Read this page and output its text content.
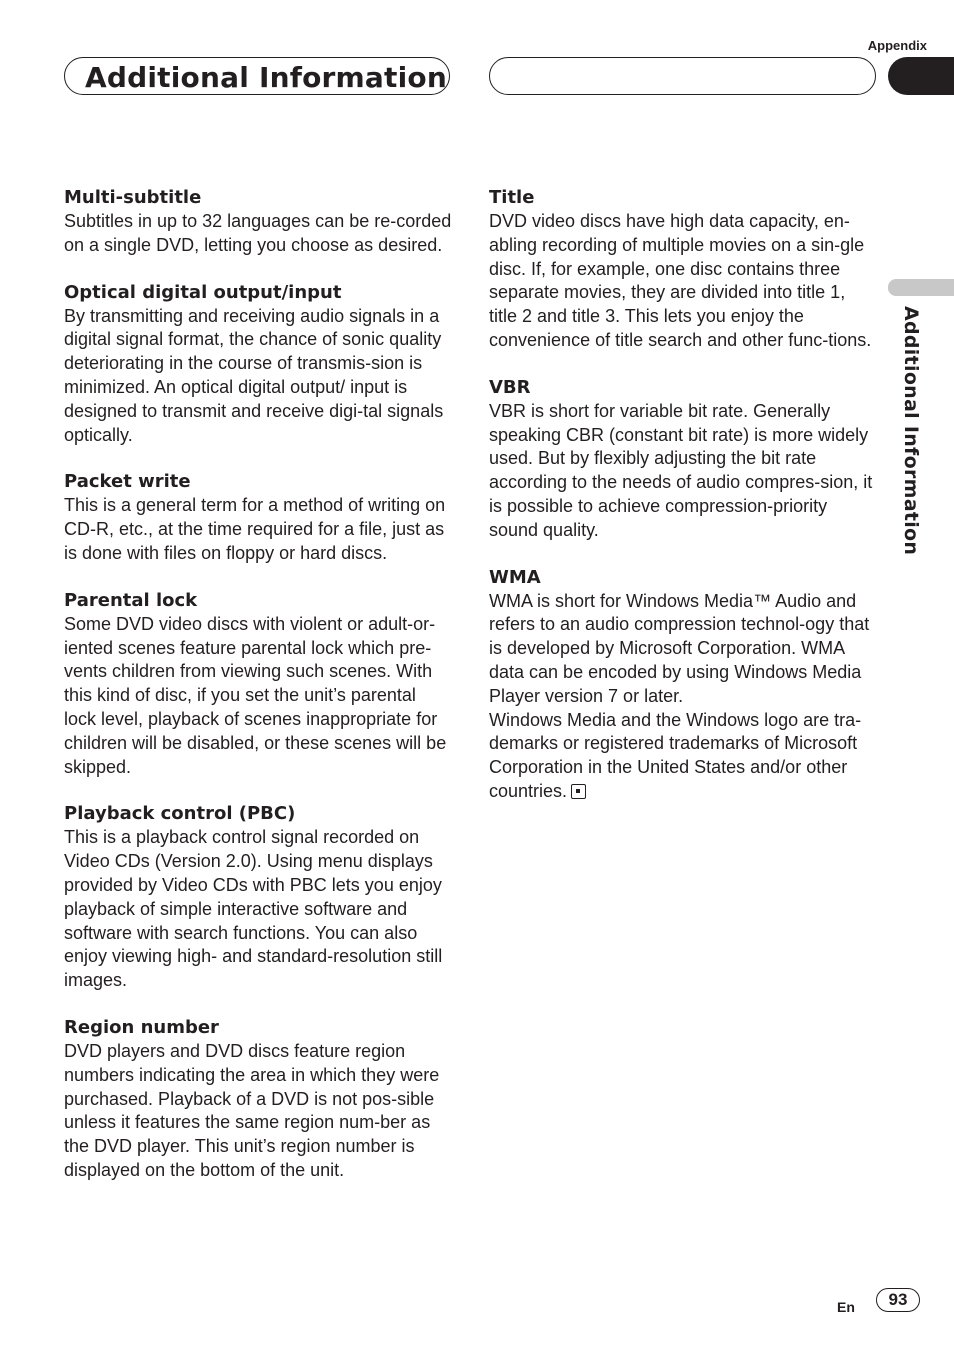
Appendix
Additional Information
Additional Information
Multi-subtitle

Subtitles in up to 32 languages can be re-corded on a single DVD, letting you choose as desired.

Optical digital output/input

By transmitting and receiving audio signals in a digital signal format, the chance of sonic quality deteriorating in the course of transmis-sion is minimized. An optical digital output/ input is designed to transmit and receive digi-tal signals optically.

Packet write

This is a general term for a method of writing on CD-R, etc., at the time required for a file, just as is done with files on floppy or hard discs.

Parental lock

Some DVD video discs with violent or adult-or-iented scenes feature parental lock which pre-vents children from viewing such scenes. With this kind of disc, if you set the unit’s parental lock level, playback of scenes inappropriate for children will be disabled, or these scenes will be skipped.

Playback control (PBC)

This is a playback control signal recorded on Video CDs (Version 2.0). Using menu displays provided by Video CDs with PBC lets you enjoy playback of simple interactive software and software with search functions. You can also enjoy viewing high- and standard-resolution still images.

Region number

DVD players and DVD discs feature region numbers indicating the area in which they were purchased. Playback of a DVD is not pos-sible unless it features the same region num-ber as the DVD player. This unit’s region number is displayed on the bottom of the unit.

Title

DVD video discs have high data capacity, en-abling recording of multiple movies on a sin-gle disc. If, for example, one disc contains three separate movies, they are divided into title 1, title 2 and title 3. This lets you enjoy the convenience of title search and other func-tions.

VBR

VBR is short for variable bit rate. Generally speaking CBR (constant bit rate) is more widely used. But by flexibly adjusting the bit rate according to the needs of audio compres-sion, it is possible to achieve compression-priority sound quality.

WMA

WMA is short for Windows Media™ Audio and refers to an audio compression technol-ogy that is developed by Microsoft Corporation. WMA data can be encoded by using Windows Media Player version 7 or later.

Windows Media and the Windows logo are tra-demarks or registered trademarks of Microsoft Corporation in the United States and/or other countries.

En	93
